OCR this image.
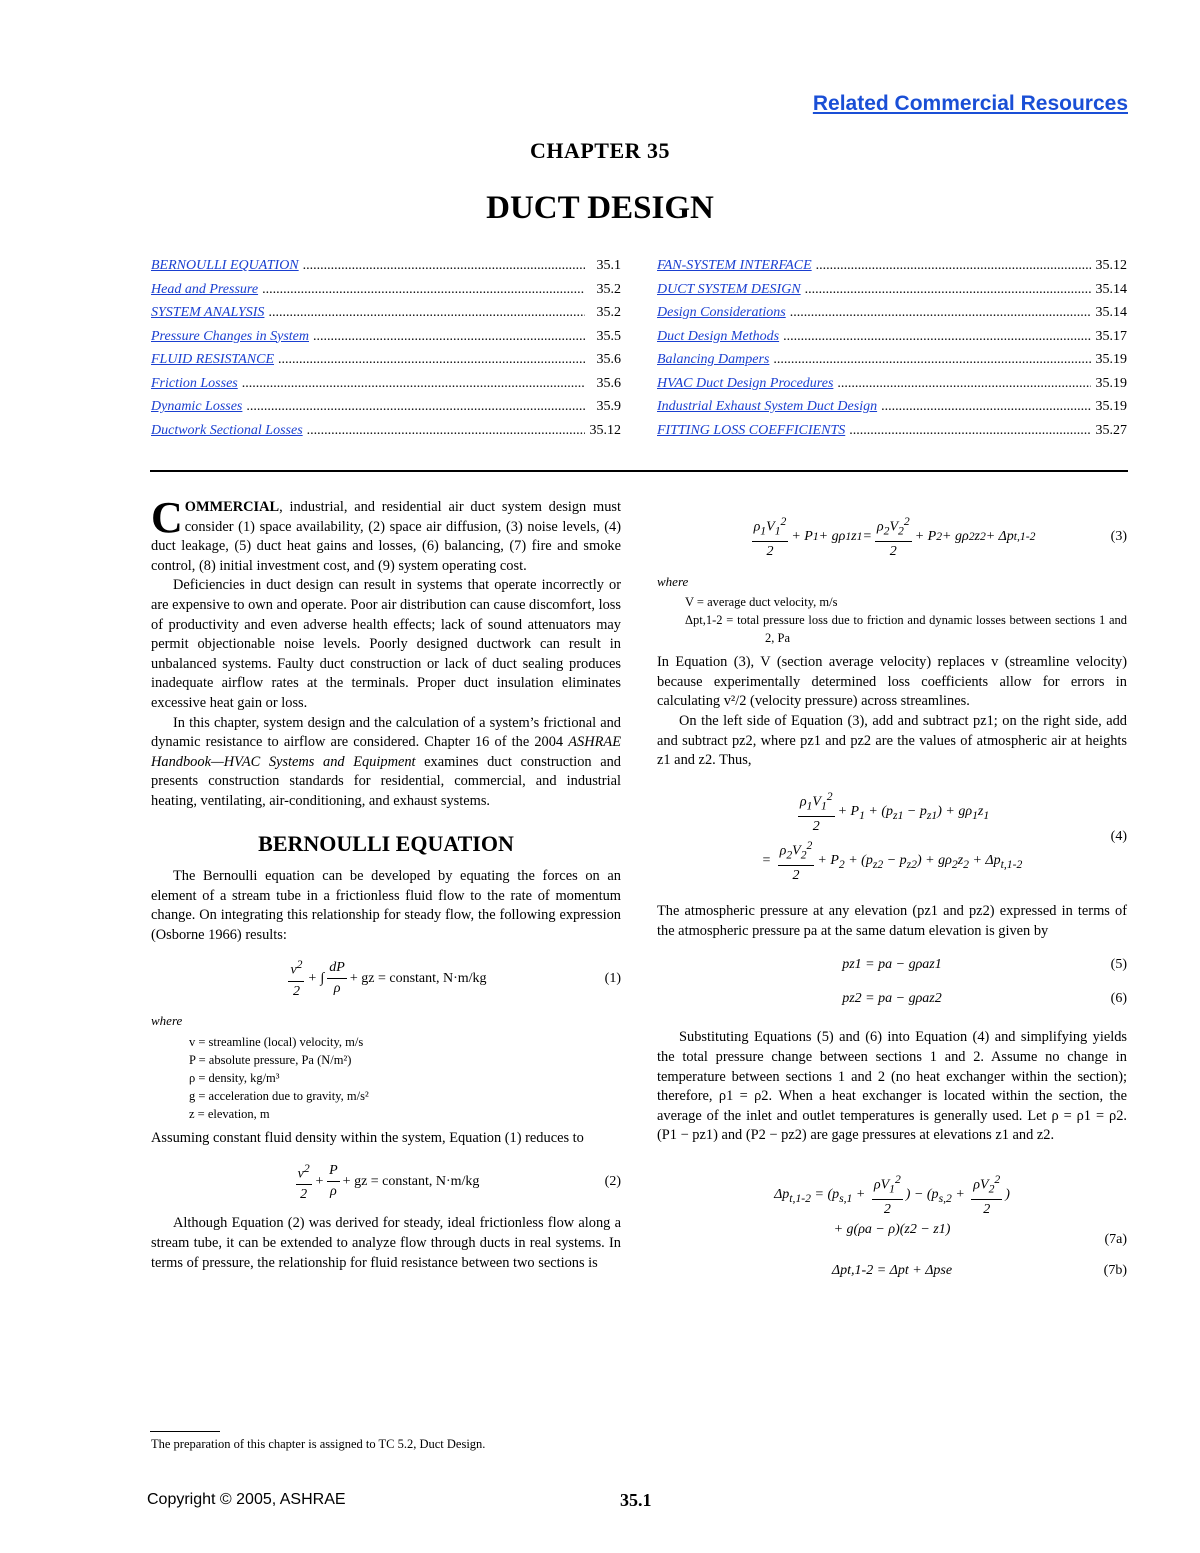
Related Commercial Resources
CHAPTER 35
DUCT DESIGN
BERNOULLI EQUATION .....	35.1
Head and Pressure .....	35.2
SYSTEM ANALYSIS .....	35.2
Pressure Changes in System .....	35.5
FLUID RESISTANCE .....	35.6
Friction Losses .....	35.6
Dynamic Losses .....	35.9
Ductwork Sectional Losses .....	35.12
FAN-SYSTEM INTERFACE .....	35.12
DUCT SYSTEM DESIGN .....	35.14
Design Considerations .....	35.14
Duct Design Methods .....	35.17
Balancing Dampers .....	35.19
HVAC Duct Design Procedures .....	35.19
Industrial Exhaust System Duct Design .....	35.19
FITTING LOSS COEFFICIENTS .....	35.27

COMMERCIAL, industrial, and residential air duct system design must consider (1) space availability, (2) space air diffusion, (3) noise levels, (4) duct leakage, (5) duct heat gains and losses, (6) balancing, (7) fire and smoke control, (8) initial investment cost, and (9) system operating cost.

Deficiencies in duct design can result in systems that operate incorrectly or are expensive to own and operate. Poor air distribution can cause discomfort, loss of productivity and even adverse health effects; lack of sound attenuators may permit objectionable noise levels. Poorly designed ductwork can result in unbalanced systems. Faulty duct construction or lack of duct sealing produces inadequate airflow rates at the terminals. Proper duct insulation eliminates excessive heat gain or loss.

In this chapter, system design and the calculation of a system’s frictional and dynamic resistance to airflow are considered. Chapter 16 of the 2004 ASHRAE Handbook—HVAC Systems and Equipment examines duct construction and presents construction standards for residential, commercial, and industrial heating, ventilating, air-conditioning, and exhaust systems.

BERNOULLI EQUATION

The Bernoulli equation can be developed by equating the forces on an element of a stream tube in a frictionless fluid flow to the rate of momentum change. On integrating this relationship for steady flow, the following expression (Osborne 1966) results:

$\frac{v^2}{2}$ + ∫ $\frac{dP}{\rho}$ + gz = constant, N·m/kg	(1)
where
v = streamline (local) velocity, m/s
P = absolute pressure, Pa (N/m²)
ρ = density, kg/m³
g = acceleration due to gravity, m/s²
z = elevation, m

Assuming constant fluid density within the system, Equation (1) reduces to

$\frac{v^2}{2} + \frac{P}{\rho}$ + gz = constant, N·m/kg	(2)

Although Equation (2) was derived for steady, ideal frictionless flow along a stream tube, it can be extended to analyze flow through ducts in real systems. In terms of pressure, the relationship for fluid resistance between two sections is

$\frac{\rho_1V_1^2}{2} + P$ 1 + gρ 1 z $1 = \frac{\rho_2V_2^2}{2} + P$ 2 + gρ 2 z 2 + Δp t,1-2	(3)
where
V = average duct velocity, m/s
Δpt,1-2 = total pressure loss due to friction and dynamic losses between sections 1 and 2, Pa

In Equation (3), V (section average velocity) replaces v (streamline velocity) because experimentally determined loss coefficients allow for errors in calculating v²/2 (velocity pressure) across streamlines.

On the left side of Equation (3), add and subtract pz1; on the right side, add and subtract pz2, where pz1 and pz2 are the values of atmospheric air at heights z1 and z2. Thus,

$\frac{\rho_1V_1^2}{2} + P_1 + (p_{z1} - p_{z1}) + g\rho_1z_1$
= $\frac{\rho_2V_2^2}{2} + P_2 + (p_{z2} - p_{z2}) + g\rho_2z_2 + \Delta p_{t,1-2}$
(4)

The atmospheric pressure at any elevation (pz1 and pz2) expressed in terms of the atmospheric pressure pa at the same datum elevation is given by

pz1 = pa − gρaz1	(5)
pz2 = pa − gρaz2	(6)

Substituting Equations (5) and (6) into Equation (4) and simplifying yields the total pressure change between sections 1 and 2. Assume no change in temperature between sections 1 and 2 (no heat exchanger within the section); therefore, ρ1 = ρ2. When a heat exchanger is located within the section, the average of the inlet and outlet temperatures is generally used. Let ρ = ρ1 = ρ2. (P1 − pz1) and (P2 − pz2) are gage pressures at elevations z1 and z2.

$\Delta p_{t,1-2} = (p_{s,1} + \frac{\rho V_1^2}{2}$ ) − ($p_{s,2} + \frac{\rho V_2^2}{2}$ )
+ g(ρa − ρ)(z2 − z1)
(7a)
Δpt,1-2 = Δpt + Δpse	(7b)
The preparation of this chapter is assigned to TC 5.2, Duct Design.
Copyright © 2005, ASHRAE	35.1
